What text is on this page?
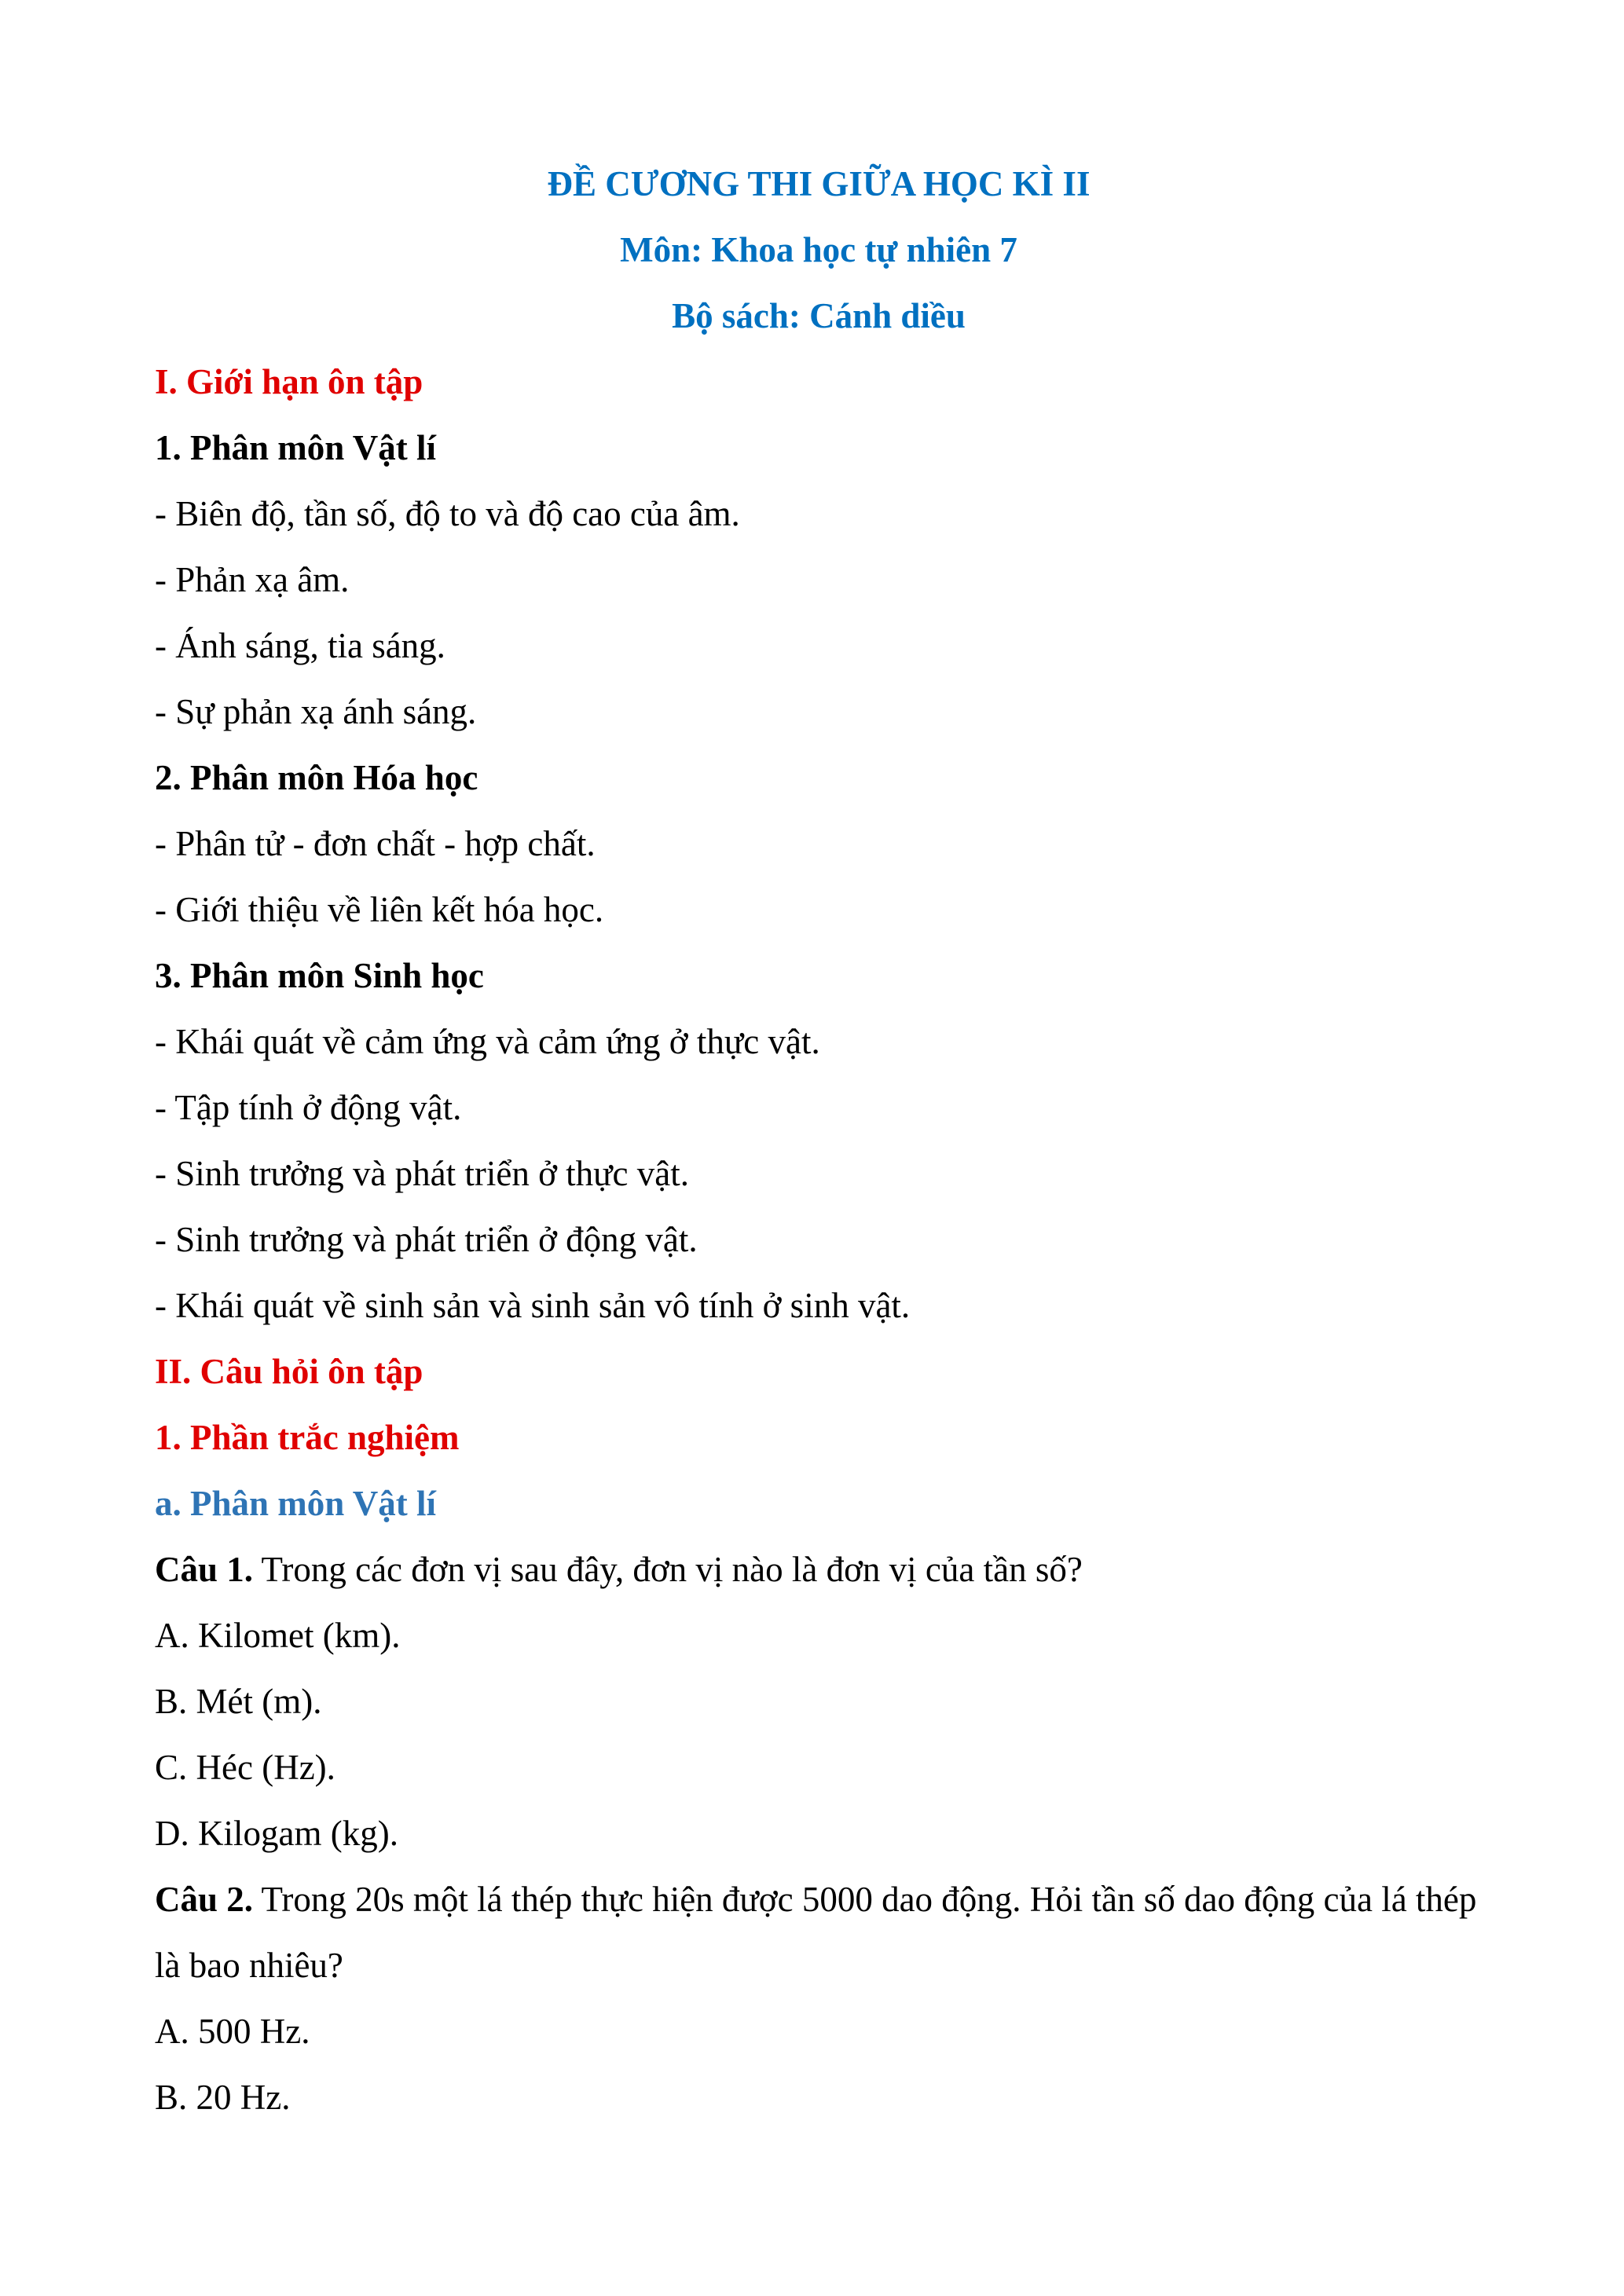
ĐỀ CƯƠNG THI GIỮA HỌC KÌ II
Môn: Khoa học tự nhiên 7
Bộ sách: Cánh diều
I. Giới hạn ôn tập
1. Phân môn Vật lí
- Biên độ, tần số, độ to và độ cao của âm.
- Phản xạ âm.
- Ánh sáng, tia sáng.
- Sự phản xạ ánh sáng.
2. Phân môn Hóa học
- Phân tử - đơn chất - hợp chất.
- Giới thiệu về liên kết hóa học.
3. Phân môn Sinh học
- Khái quát về cảm ứng và cảm ứng ở thực vật.
- Tập tính ở động vật.
- Sinh trưởng và phát triển ở thực vật.
- Sinh trưởng và phát triển ở động vật.
- Khái quát về sinh sản và sinh sản vô tính ở sinh vật.
II. Câu hỏi ôn tập
1. Phần trắc nghiệm
a. Phân môn Vật lí
Câu 1. Trong các đơn vị sau đây, đơn vị nào là đơn vị của tần số?
A. Kilomet (km).
B. Mét (m).
C. Héc (Hz).
D. Kilogam (kg).
Câu 2. Trong 20s một lá thép thực hiện được 5000 dao động. Hỏi tần số dao động của lá thép là bao nhiêu?
A. 500 Hz.
B. 20 Hz.
